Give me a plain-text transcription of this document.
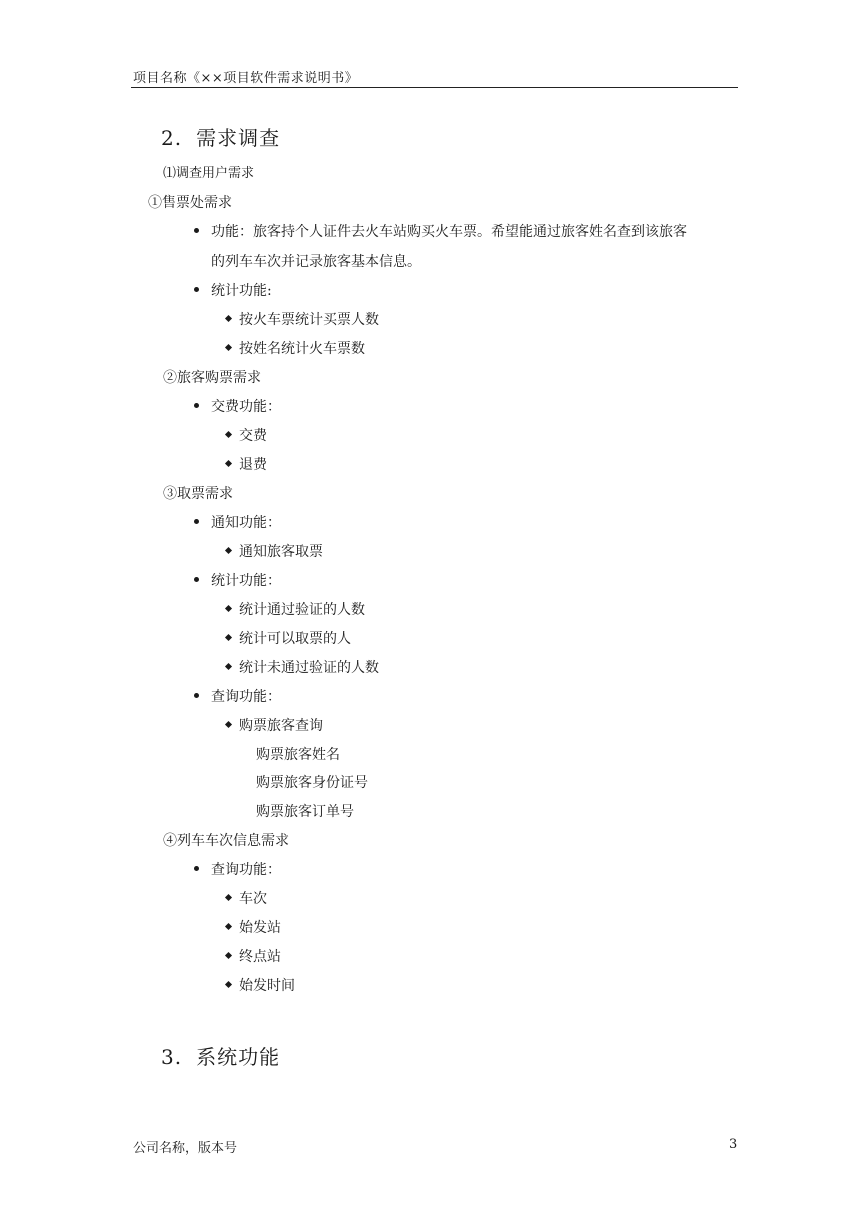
项目名称《××项目软件需求说明书》
2. 需求调查
⑴调查用户需求
①售票处需求
功能：旅客持个人证件去火车站购买火车票。希望能通过旅客姓名查到该旅客
的列车车次并记录旅客基本信息。
统计功能:
按火车票统计买票人数
按姓名统计火车票数
②旅客购票需求
交费功能：
交费
退费
③取票需求
通知功能：
通知旅客取票
统计功能：
统计通过验证的人数
统计可以取票的人
统计未通过验证的人数
查询功能：
购票旅客查询
购票旅客姓名
购票旅客身份证号
购票旅客订单号
④列车车次信息需求
查询功能：
车次
始发站
终点站
始发时间
3. 系统功能
公司名称，版本号	3
